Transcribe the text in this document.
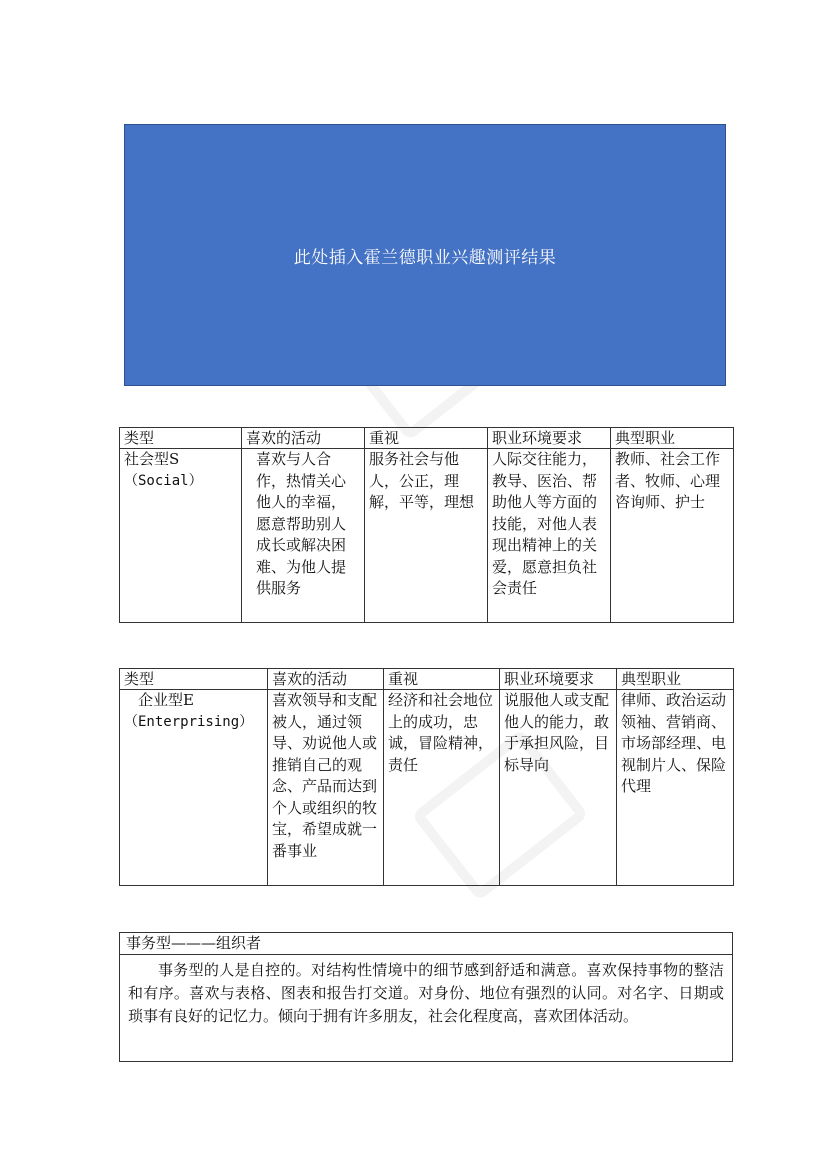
此处插入霍兰德职业兴趣测评结果
类型	喜欢的活动	重视	职业环境要求	典型职业

社会型S
（Social）	喜欢与人合作，热情关心他人的幸福，愿意帮助别人成长或解决困难、为他人提供服务	服务社会与他人，公正，理解，平等，理想	人际交往能力，教导、医治、帮助他人等方面的技能，对他人表现出精神上的关爱，愿意担负社会责任	教师、社会工作者、牧师、心理咨询师、护士
类型	喜欢的活动	重视	职业环境要求	典型职业

企业型E
（Enterprising）	喜欢领导和支配被人，通过领导、劝说他人或推销自己的观念、产品而达到个人或组织的牧宝，希望成就一番事业	经济和社会地位上的成功，忠诚，冒险精神，责任	说服他人或支配他人的能力，敢于承担风险，目标导向	律师、政治运动领袖、营销商、市场部经理、电视制片人、保险代理
事务型———组织者
事务型的人是自控的。对结构性情境中的细节感到舒适和满意。喜欢保持事物的整洁和有序。喜欢与表格、图表和报告打交道。对身份、地位有强烈的认同。对名字、日期或琐事有良好的记忆力。倾向于拥有许多朋友，社会化程度高，喜欢团体活动。
